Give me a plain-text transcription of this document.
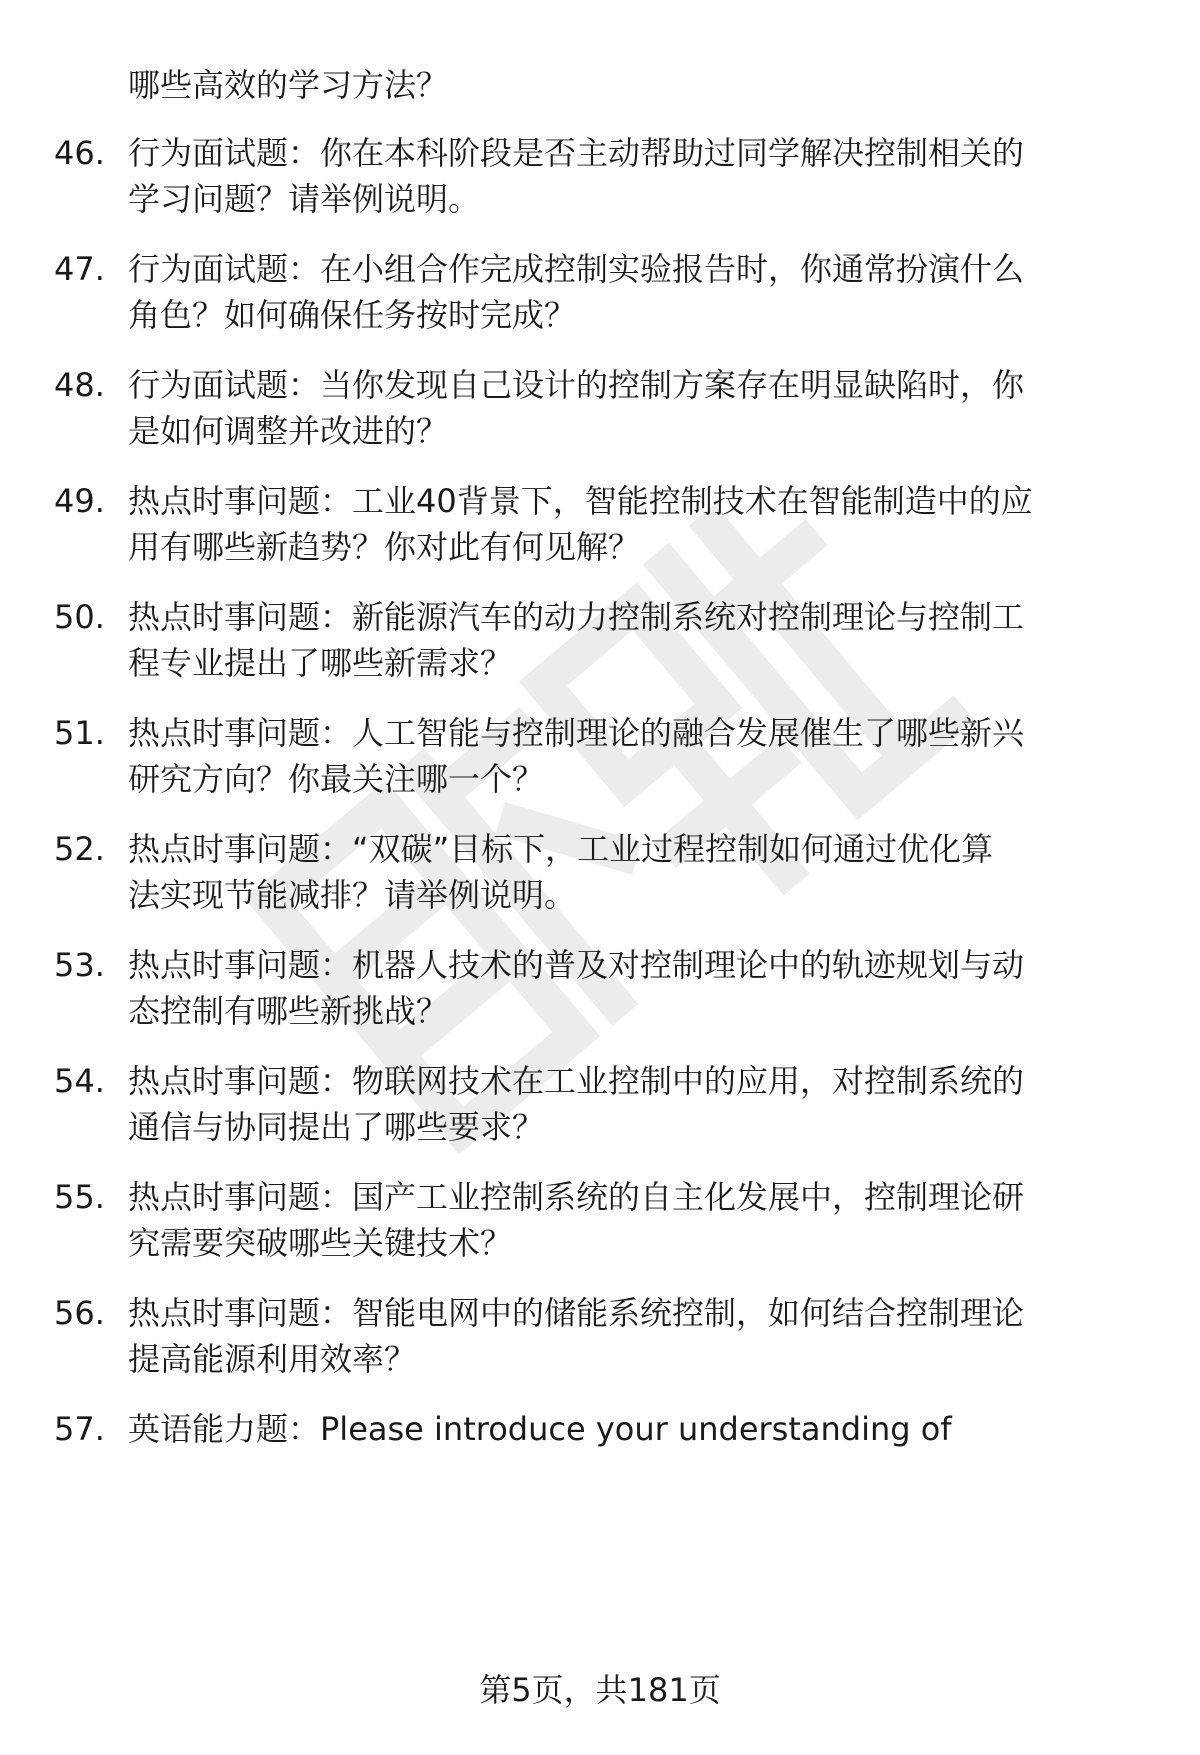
哪些高效的学习方法？
46. 行为面试题：你在本科阶段是否主动帮助过同学解决控制相关的
学习问题？请举例说明。
47. 行为面试题：在小组合作完成控制实验报告时，你通常扮演什么
角色？如何确保任务按时完成？
48. 行为面试题：当你发现自己设计的控制方案存在明显缺陷时，你
是如何调整并改进的？
49. 热点时事问题：工业40背景下，智能控制技术在智能制造中的应
用有哪些新趋势？你对此有何见解？
50. 热点时事问题：新能源汽车的动力控制系统对控制理论与控制工
程专业提出了哪些新需求？
51. 热点时事问题：人工智能与控制理论的融合发展催生了哪些新兴
研究方向？你最关注哪一个？
52. 热点时事问题：“双碳”目标下，工业过程控制如何通过优化算
法实现节能减排？请举例说明。
53. 热点时事问题：机器人技术的普及对控制理论中的轨迹规划与动
态控制有哪些新挑战？
54. 热点时事问题：物联网技术在工业控制中的应用，对控制系统的
通信与协同提出了哪些要求？
55. 热点时事问题：国产工业控制系统的自主化发展中，控制理论研
究需要突破哪些关键技术？
56. 热点时事问题：智能电网中的储能系统控制，如何结合控制理论
提高能源利用效率？
57. 英语能力题：Please introduce your understanding of
第5页，共181页
